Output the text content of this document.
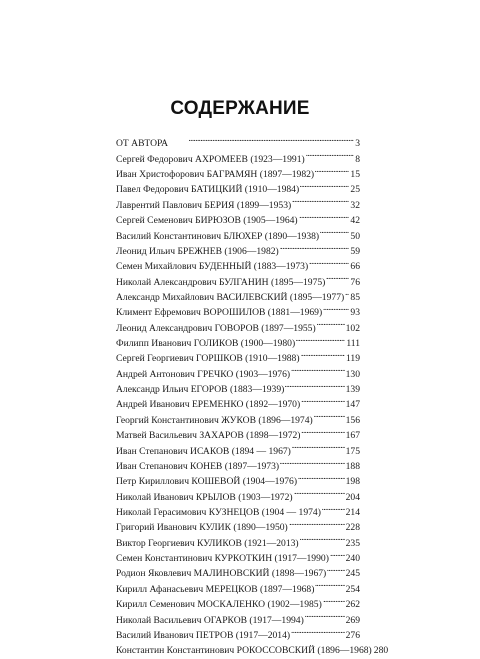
СОДЕРЖАНИЕ
ОТ АВТОРА . . .	3
Сергей Федорович АХРОМЕЕВ (1923—1991) . . .	8
Иван Христофорович БАГРАМЯН (1897—1982) . . .	15
Павел Федорович БАТИЦКИЙ (1910—1984) . . .	25
Лаврентий Павлович БЕРИЯ (1899—1953) . . .	32
Сергей Семенович БИРЮЗОВ (1905—1964) . . .	42
Василий Константинович БЛЮХЕР (1890—1938) . . .	50
Леонид Ильич БРЕЖНЕВ (1906—1982) . . .	59
Семен Михайлович БУДЕННЫЙ (1883—1973) . . .	66
Николай Александрович БУЛГАНИН (1895—1975) . . .	76
Александр Михайлович ВАСИЛЕВСКИЙ (1895—1977) . . . 85
Климент Ефремович ВОРОШИЛОВ (1881—1969) . . .	93
Леонид Александрович ГОВОРОВ (1897—1955) . . .	102
Филипп Иванович ГОЛИКОВ (1900—1980) . . .	111
Сергей Георгиевич ГОРШКОВ (1910—1988) . . .	119
Андрей Антонович ГРЕЧКО (1903—1976) . . .	130
Александр Ильич ЕГОРОВ (1883—1939) . . .	139
Андрей Иванович ЕРЕМЕНКО (1892—1970) . . .	147
Георгий Константинович ЖУКОВ (1896—1974) . . .	156
Матвей Васильевич ЗАХАРОВ (1898—1972) . . .	167
Иван Степанович ИСАКОВ (1894 — 1967) . . .	175
Иван Степанович КОНЕВ (1897—1973) . . .	188
Петр Кириллович КОШЕВОЙ (1904—1976) . . .	198
Николай Иванович КРЫЛОВ (1903—1972) . . .	204
Николай Герасимович КУЗНЕЦОВ (1904 — 1974) . . .	214
Григорий Иванович КУЛИК (1890—1950) . . .	228
Виктор Георгиевич КУЛИКОВ (1921—2013) . . .	235
Семен Константинович КУРКОТКИН (1917—1990) . . . 240
Родион Яковлевич МАЛИНОВСКИЙ (1898—1967) . . . 245
Кирилл Афанасьевич МЕРЕЦКОВ (1897—1968) . . .	254
Кирилл Семенович МОСКАЛЕНКО (1902—1985) . . . 262
Николай Васильевич ОГАРКОВ (1917—1994) . . .	269
Василий Иванович ПЕТРОВ (1917—2014) . . .	276
Константин Константинович РОКОССОВСКИЙ (1896—1968) 280
